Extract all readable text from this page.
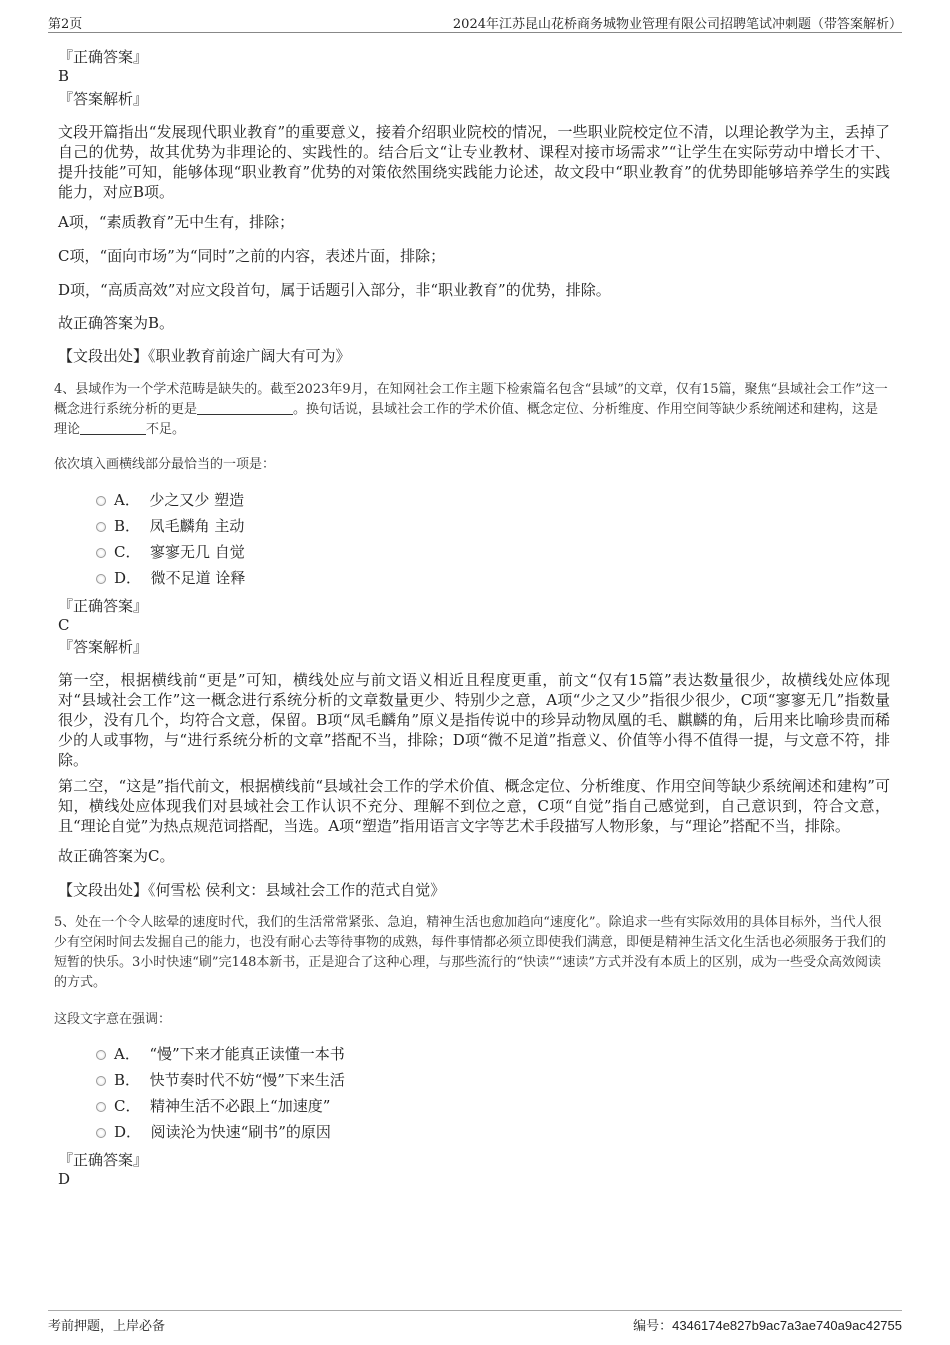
第2页	2024年江苏昆山花桥商务城物业管理有限公司招聘笔试冲刺题（带答案解析）
『正确答案』
B
『答案解析』
文段开篇指出“发展现代职业教育”的重要意义，接着介绍职业院校的情况，一些职业院校定位不清，以理论教学为主，丢掉了自己的优势，故其优势为非理论的、实践性的。结合后文“让专业教材、课程对接市场需求”“让学生在实际劳动中增长才干、提升技能”可知，能够体现“职业教育”优势的对策依然围绕实践能力论述，故文段中“职业教育”的优势即能够培养学生的实践能力，对应B项。
A项，“素质教育”无中生有，排除；
C项，“面向市场”为“同时”之前的内容，表述片面，排除；
D项，“高质高效”对应文段首句，属于话题引入部分，非“职业教育”的优势，排除。
故正确答案为B。
【文段出处】《职业教育前途广阔大有可为》
4、县域作为一个学术范畴是缺失的。截至2023年9月，在知网社会工作主题下检索篇名包含“县域”的文章，仅有15篇，聚焦“县域社会工作”这一概念进行系统分析的更是	。换句话说，县域社会工作的学术价值、概念定位、分析维度、作用空间等缺少系统阐述和建构，这是理论	不足。
依次填入画横线部分最恰当的一项是：
A． 少之又少 塑造
B． 凤毛麟角 主动
C． 寥寥无几 自觉
D． 微不足道 诠释
『正确答案』
C
『答案解析』
第一空，根据横线前“更是”可知，横线处应与前文语义相近且程度更重，前文“仅有15篇”表达数量很少，故横线处应体现对“县域社会工作”这一概念进行系统分析的文章数量更少、特别少之意，A项“少之又少”指很少很少，C项“寥寥无几”指数量很少，没有几个，均符合文意，保留。B项“凤毛麟角”原义是指传说中的珍异动物凤凰的毛、麒麟的角，后用来比喻珍贵而稀少的人或事物，与“进行系统分析的文章”搭配不当，排除；D项“微不足道”指意义、价值等小得不值得一提，与文意不符，排除。
第二空，“这是”指代前文，根据横线前“县域社会工作的学术价值、概念定位、分析维度、作用空间等缺少系统阐述和建构”可知，横线处应体现我们对县域社会工作认识不充分、理解不到位之意，C项“自觉”指自己感觉到，自己意识到，符合文意，且“理论自觉”为热点规范词搭配，当选。A项“塑造”指用语言文字等艺术手段描写人物形象，与“理论”搭配不当，排除。
故正确答案为C。
【文段出处】《何雪松 侯利文：县域社会工作的范式自觉》
5、处在一个令人眩晕的速度时代，我们的生活常常紧张、急迫，精神生活也愈加趋向“速度化”。除追求一些有实际效用的具体目标外，当代人很少有空闲时间去发掘自己的能力，也没有耐心去等待事物的成熟，每件事情都必须立即使我们满意，即便是精神生活文化生活也必须服务于我们的短暂的快乐。3小时快速“刷”完148本新书，正是迎合了这种心理，与那些流行的“快读”“速读”方式并没有本质上的区别，成为一些受众高效阅读的方式。
这段文字意在强调：
A． “慢”下来才能真正读懂一本书
B． 快节奏时代不妨“慢”下来生活
C． 精神生活不必跟上“加速度”
D． 阅读沦为快速“刷书”的原因
『正确答案』
D
考前押题，上岸必备	编号：4346174e827b9ac7a3ae740a9ac42755
